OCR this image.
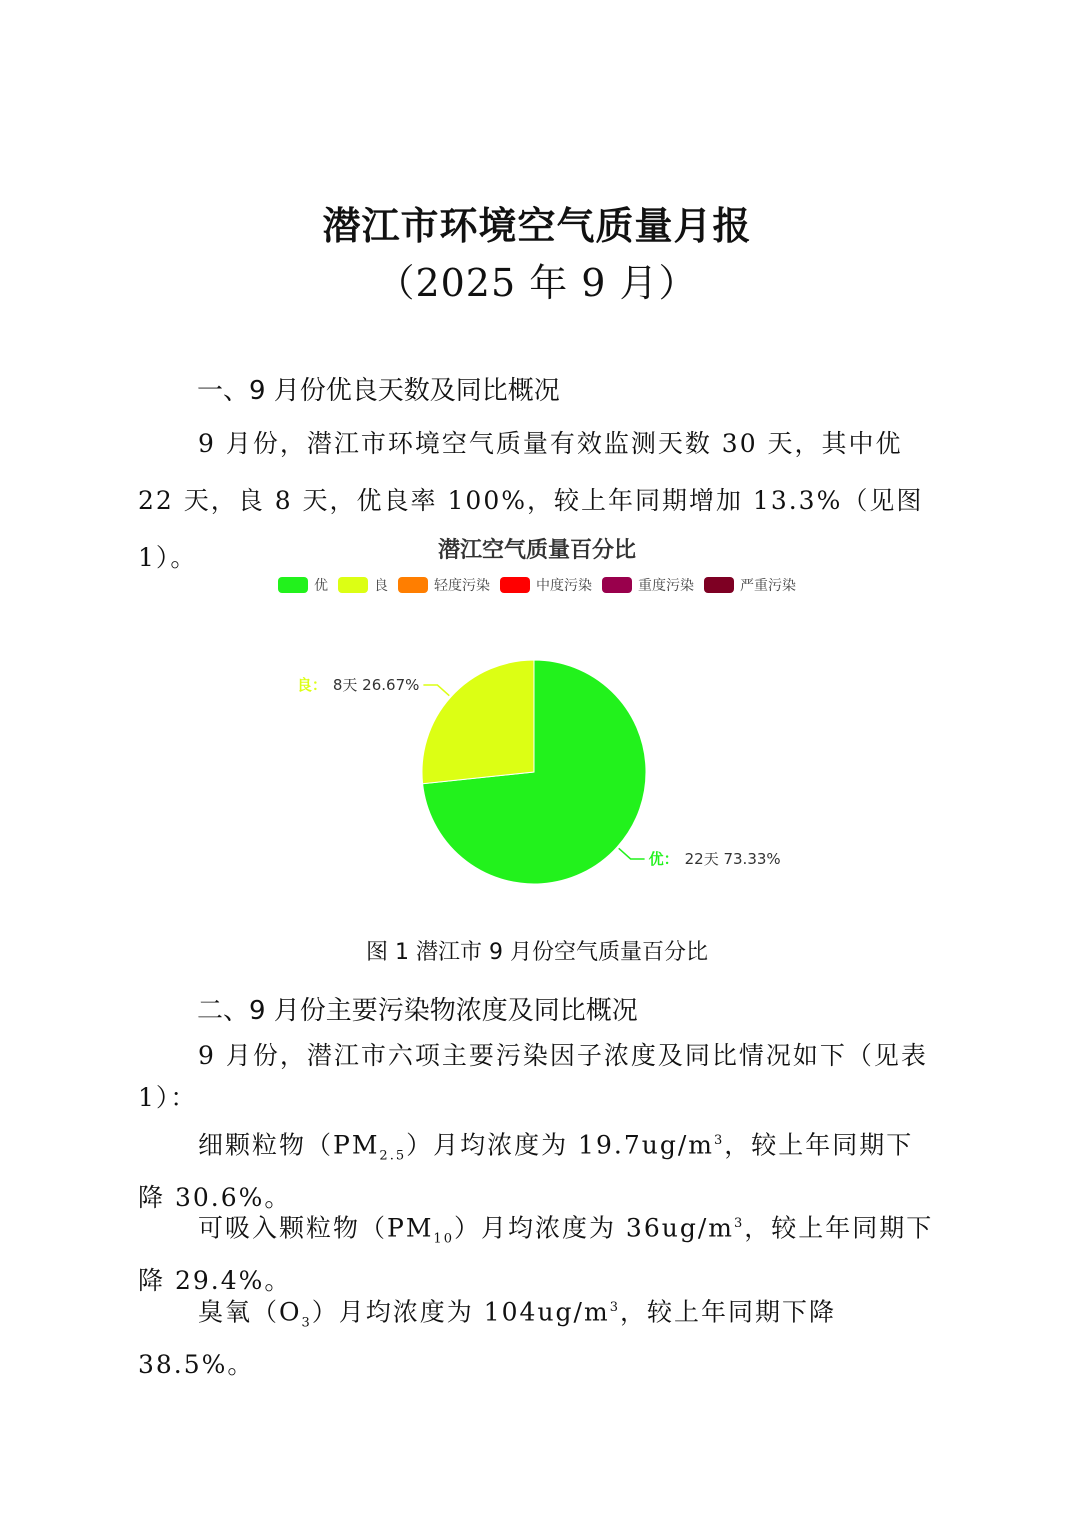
潜江市环境空气质量月报
（2025 年 9 月）
一、9 月份优良天数及同比概况

9 月份，潜江市环境空气质量有效监测天数 30 天，其中优 22 天，良 8 天，优良率 100%，较上年同期增加 13.3%（见图 1）。	潜江空气质量百分比
优	良	轻度污染	中度污染	重度污染	严重污染
优： 22天 73.33%
良： 8天 26.67%
图 1 潜江市 9 月份空气质量百分比
二、9 月份主要污染物浓度及同比概况

9 月份，潜江市六项主要污染因子浓度及同比情况如下（见表 1）：

细颗粒物$(PM_{2.5})$月均浓度为 $19.7ug/m^3$，较上年同期下降 30.6%。

可吸入颗粒物$(PM_{10})$月均浓度为 $36ug/m^3$，较上年同期下降 29.4%。

臭氧$(O_3)$月均浓度为 $104ug/m^3$，较上年同期下降 38.5%。
